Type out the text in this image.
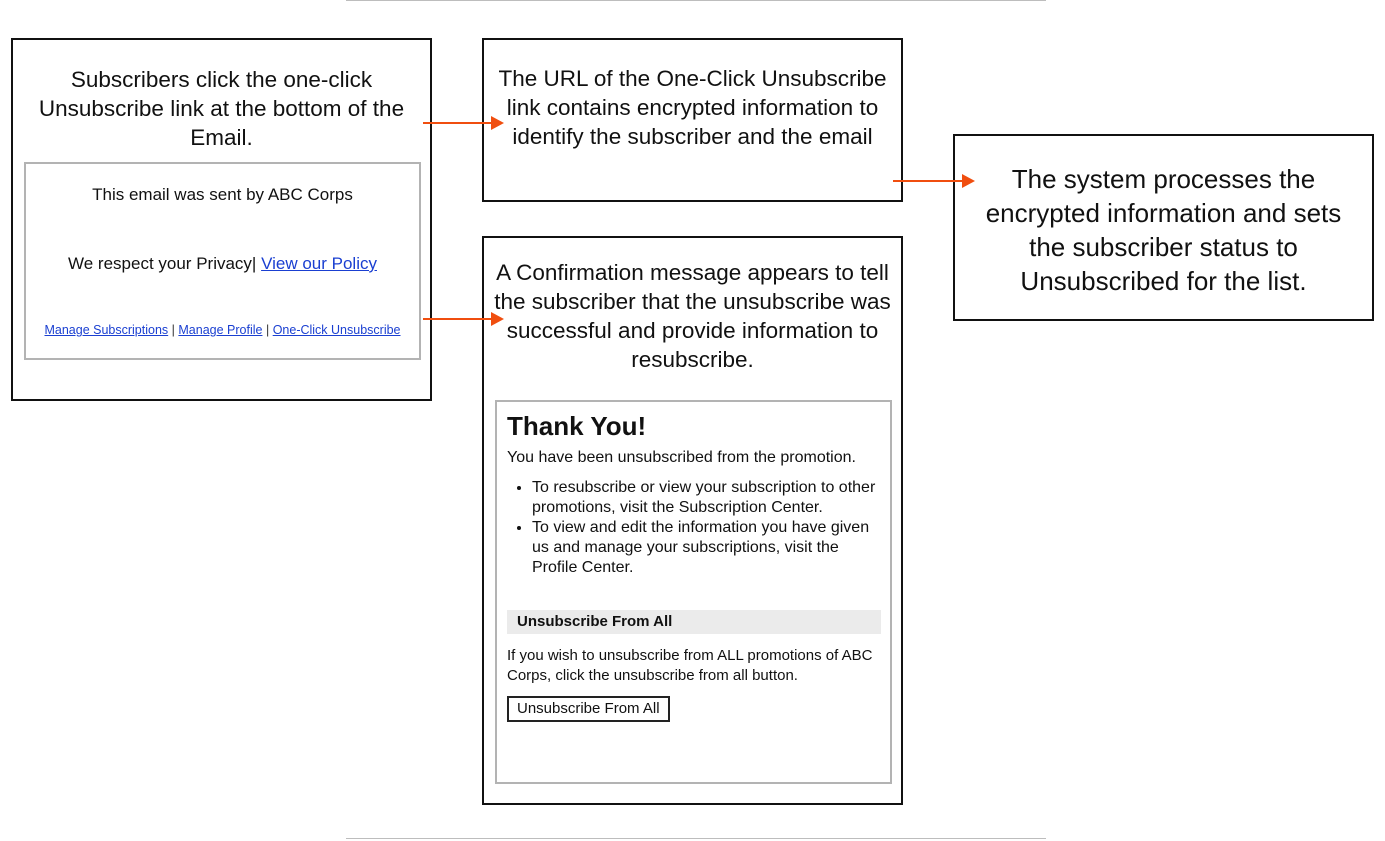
Subscribers click the one-click Unsubscribe link at the bottom of the Email.
This email was sent by ABC Corps
We respect your Privacy| View our Policy
Manage Subscriptions | Manage Profile | One-Click Unsubscribe
The URL of the One-Click Unsubscribe link contains encrypted information to identify the subscriber and the email
The system processes the encrypted information and sets the subscriber status to Unsubscribed for the list.
A Confirmation message appears to tell the subscriber that the unsubscribe was successful and provide information to resubscribe.
Thank You!

You have been unsubscribed from the promotion.

• To resubscribe or view your subscription to other promotions, visit the Subscription Center.
• To view and edit the information you have given us and manage your subscriptions, visit the Profile Center.
Unsubscribe From All

If you wish to unsubscribe from ALL promotions of ABC Corps, click the unsubscribe from all button.

Unsubscribe From All
